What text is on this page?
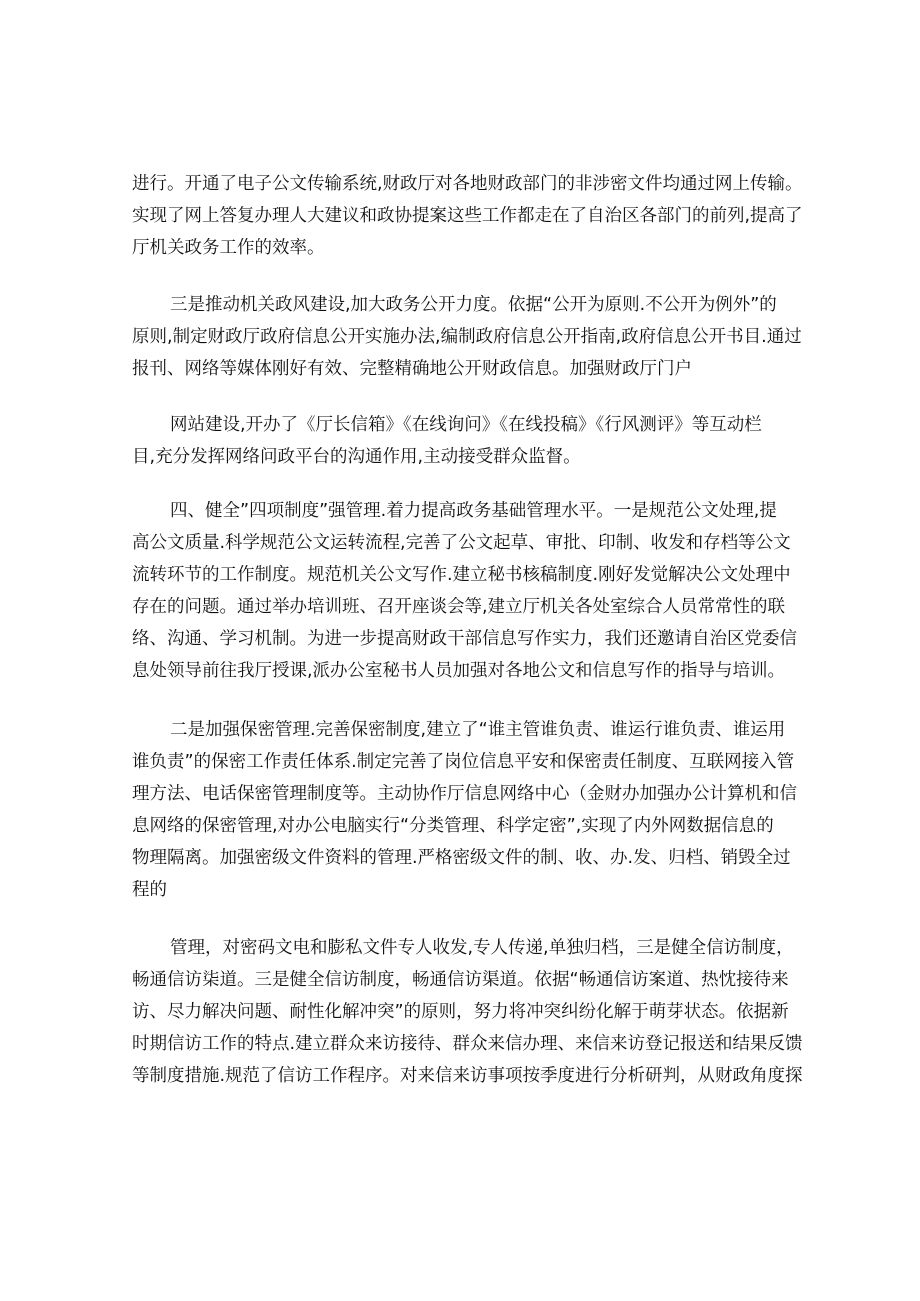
进行。开通了电子公文传输系统,财政厅对各地财政部门的非涉密文件均通过网上传输。
实现了网上答复办理人大建议和政协提案这些工作都走在了自治区各部门的前列,提高了
厅机关政务工作的效率。
三是推动机关政风建设,加大政务公开力度。依据“公开为原则.不公开为例外”的
原则,制定财政厅政府信息公开实施办法,编制政府信息公开指南,政府信息公开书目.通过
报刊、网络等媒体刚好有效、完整精确地公开财政信息。加强财政厅门户
网站建设,开办了《厅长信箱》《在线询问》《在线投稿》《行风测评》等互动栏
目,充分发挥网络问政平台的沟通作用,主动接受群众监督。
四、健全”四项制度”强管理.着力提高政务基础管理水平。一是规范公文处理,提
高公文质量.科学规范公文运转流程,完善了公文起草、审批、印制、收发和存档等公文
流转环节的工作制度。规范机关公文写作.建立秘书核稿制度.刚好发觉解决公文处理中
存在的问题。通过举办培训班、召开座谈会等,建立厅机关各处室综合人员常常性的联
络、沟通、学习机制。为进一步提高财政干部信息写作实力，我们还邀请自治区党委信
息处领导前往我厅授课,派办公室秘书人员加强对各地公文和信息写作的指导与培训。
二是加强保密管理.完善保密制度,建立了“谁主管谁负责、谁运行谁负责、谁运用
谁负责”的保密工作责任体系.制定完善了岗位信息平安和保密责任制度、互联网接入管
理方法、电话保密管理制度等。主动协作厅信息网络中心（金财办加强办公计算机和信
息网络的保密管理,对办公电脑实行“分类管理、科学定密”,实现了内外网数据信息的
物理隔离。加强密级文件资料的管理.严格密级文件的制、收、办.发、归档、销毁全过
程的
管理，对密码文电和膨私文件专人收发,专人传递,单独归档，三是健全信访制度，
畅通信访柒道。三是健全信访制度，畅通信访渠道。依据“畅通信访案道、热忱接待来
访、尽力解决问题、耐性化解冲突”的原则，努力将冲突纠纷化解于萌芽状态。依据新
时期信访工作的特点.建立群众来访接待、群众来信办理、来信来访登记报送和结果反馈
等制度措施.规范了信访工作程序。对来信来访事项按季度进行分析研判，从财政角度探
